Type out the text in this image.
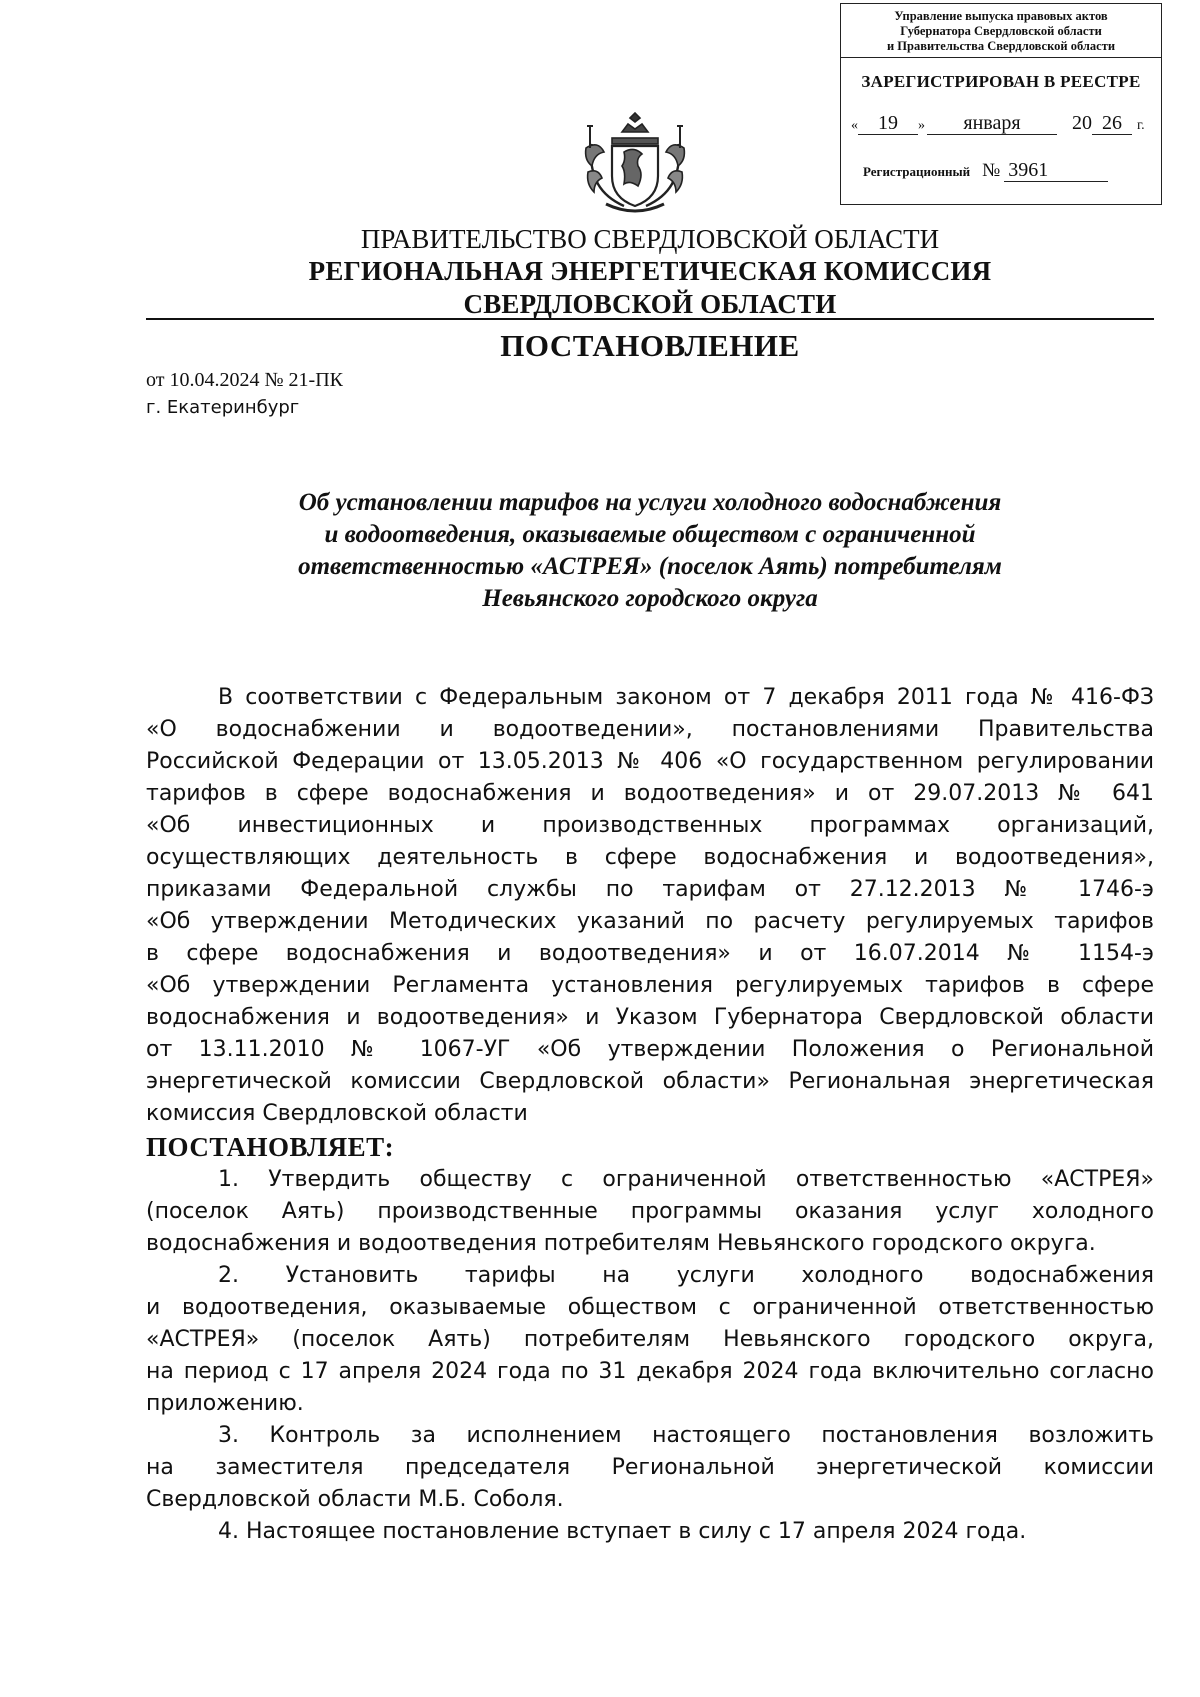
Управление выпуска правовых актов
Губернатора Свердловской области
и Правительства Свердловской области
ЗАРЕГИСТРИРОВАН В РЕЕСТРЕ
« 19 » января	20 26 г.
Регистрационный № 3961
ПРАВИТЕЛЬСТВО СВЕРДЛОВСКОЙ ОБЛАСТИ
РЕГИОНАЛЬНАЯ ЭНЕРГЕТИЧЕСКАЯ КОМИССИЯ
СВЕРДЛОВСКОЙ ОБЛАСТИ
ПОСТАНОВЛЕНИЕ
от 10.04.2024 № 21-ПК
г. Екатеринбург
Об установлении тарифов на услуги холодного водоснабжения
и водоотведения, оказываемые обществом с ограниченной
ответственностью «АСТРЕЯ» (поселок Аять) потребителям
Невьянского городского округа
В соответствии с Федеральным законом от 7 декабря 2011 года № 416-ФЗ
«О водоснабжении и водоотведении», постановлениями Правительства
Российской Федерации от 13.05.2013 № 406 «О государственном регулировании
тарифов в сфере водоснабжения и водоотведения» и от 29.07.2013 № 641
«Об инвестиционных и производственных программах организаций,
осуществляющих деятельность в сфере водоснабжения и водоотведения»,
приказами Федеральной службы по тарифам от 27.12.2013 № 1746-э
«Об утверждении Методических указаний по расчету регулируемых тарифов
в сфере водоснабжения и водоотведения» и от 16.07.2014 № 1154-э
«Об утверждении Регламента установления регулируемых тарифов в сфере
водоснабжения и водоотведения» и Указом Губернатора Свердловской области
от 13.11.2010 № 1067-УГ «Об утверждении Положения о Региональной
энергетической комиссии Свердловской области» Региональная энергетическая
комиссия Свердловской области
ПОСТАНОВЛЯЕТ:
1. Утвердить обществу с ограниченной ответственностью «АСТРЕЯ»
(поселок Аять) производственные программы оказания услуг холодного
водоснабжения и водоотведения потребителям Невьянского городского округа.
2. Установить тарифы на услуги холодного водоснабжения
и водоотведения, оказываемые обществом с ограниченной ответственностью
«АСТРЕЯ» (поселок Аять) потребителям Невьянского городского округа,
на период с 17 апреля 2024 года по 31 декабря 2024 года включительно согласно
приложению.
3. Контроль за исполнением настоящего постановления возложить
на заместителя председателя Региональной энергетической комиссии
Свердловской области М.Б. Соболя.
4. Настоящее постановление вступает в силу с 17 апреля 2024 года.
